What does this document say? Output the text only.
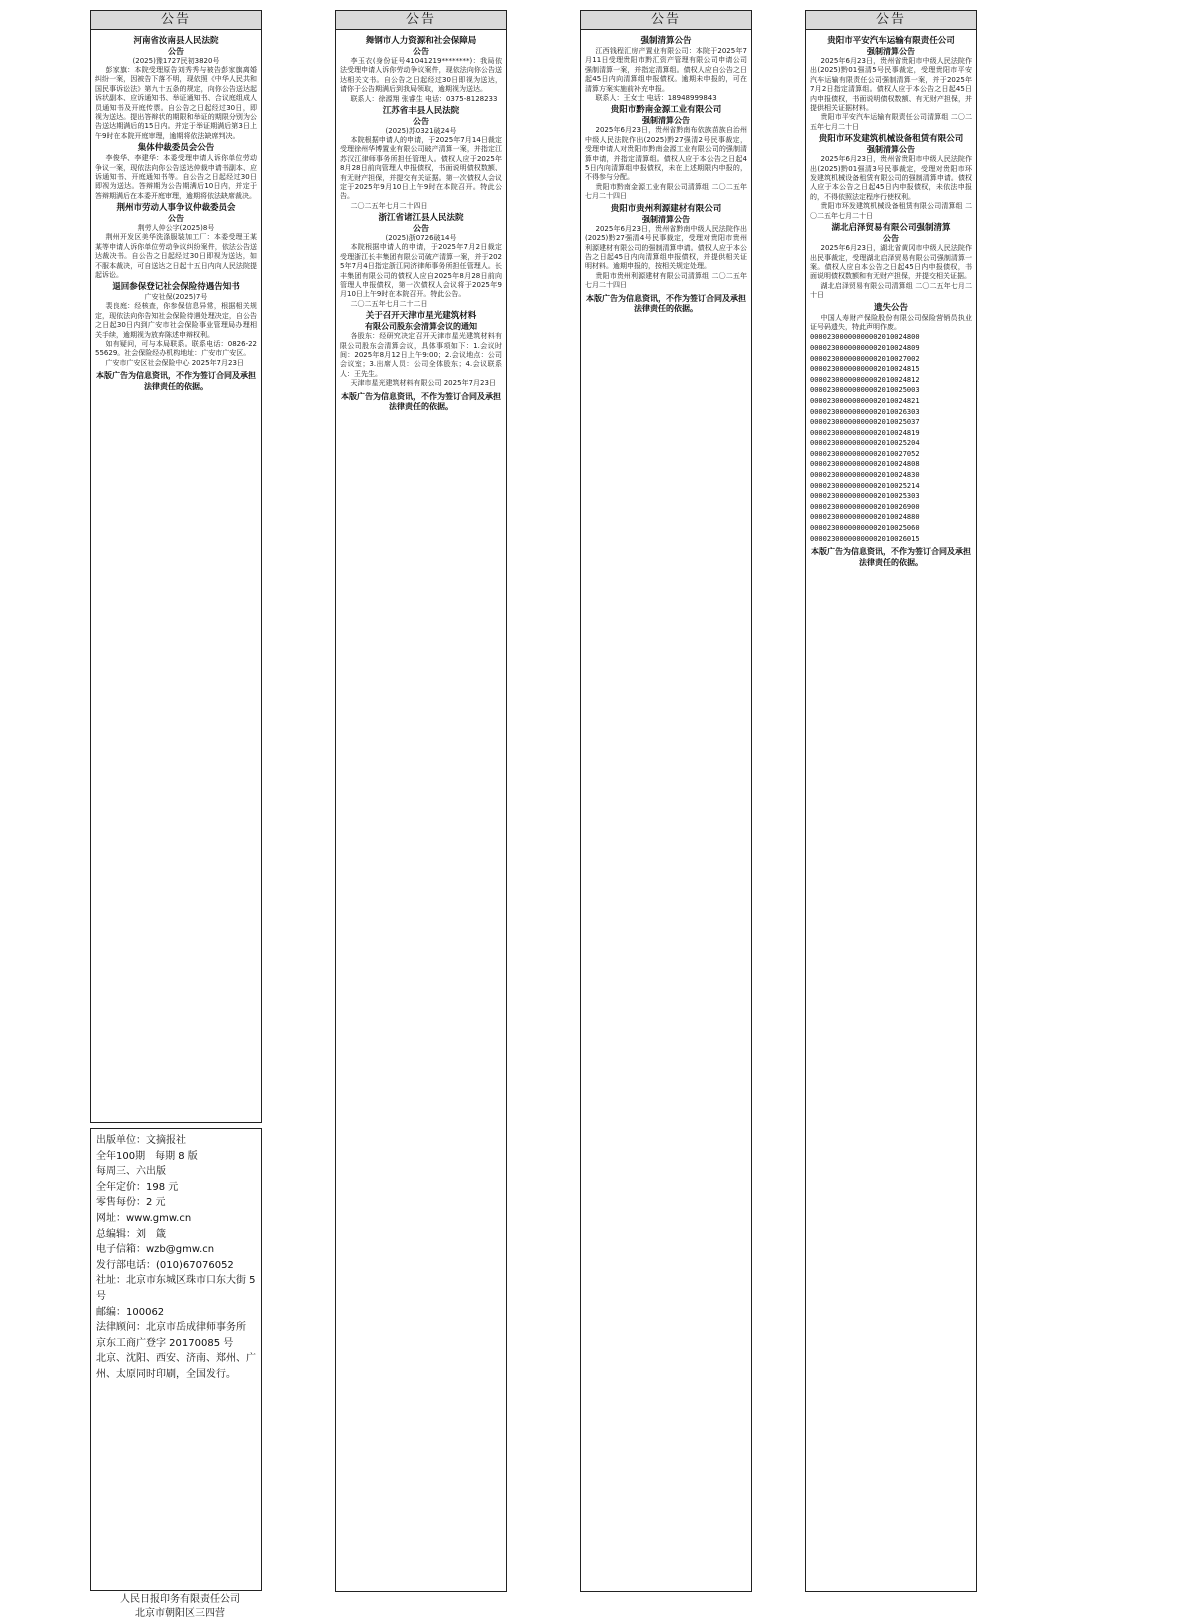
公告
河南省汝南县人民法院
公告
(2025)豫1727民初3820号

彭家旗：本院受理原告刘秀秀与被告彭家旗离婚纠纷一案，因被告下落不明，现依照《中华人民共和国民事诉讼法》第九十五条的规定，向你公告送达起诉状副本、应诉通知书、举证通知书、合议庭组成人员通知书及开庭传票。自公告之日起经过30日，即视为送达。提出答辩状的期限和举证的期限分别为公告送达期满后的15日内。并定于举证期满后第3日上午9时在本院开庭审理，逾期将依法缺席判决。

集体仲裁委员会公告

李俊华、李建华：本委受理申请人诉你单位劳动争议一案，现依法向你公告送达仲裁申请书副本、应诉通知书、开庭通知书等。自公告之日起经过30日即视为送达。答辩期为公告期满后10日内，并定于答辩期满后在本委开庭审理，逾期将依法缺席裁决。

荆州市劳动人事争议仲裁委员会
公告
荆劳人仲公字(2025)8号

荆州开发区美华洗涤服装加工厂：本委受理王某某等申请人诉你单位劳动争议纠纷案件，依法公告送达裁决书。自公告之日起经过30日即视为送达，如不服本裁决，可自送达之日起十五日内向人民法院提起诉讼。

退回参保登记社会保险待遇告知书
广安社保(2025)7号

裴良庭：经核查，你参保信息异常，根据相关规定，现依法向你告知社会保险待遇处理决定，自公告之日起30日内到广安市社会保险事业管理局办理相关手续，逾期视为放弃陈述申辩权利。

如有疑问，可与本局联系。联系电话：0826-2255629。社会保险经办机构地址：广安市广安区。

广安市广安区社会保险中心 2025年7月23日

本版广告为信息资讯，不作为签订合同及承担法律责任的依据。
公告
舞钢市人力资源和社会保障局
公告

李玉衣(身份证号41041219********)：我局依法受理申请人诉你劳动争议案件，现依法向你公告送达相关文书。自公告之日起经过30日即视为送达，请你于公告期满后到我局领取，逾期视为送达。

联系人：徐源翔 张睿生 电话：0375-8128233

江苏省丰县人民法院
公告
(2025)苏0321破24号

本院根据申请人的申请，于2025年7月14日裁定受理徐州华博置业有限公司破产清算一案，并指定江苏汉江律师事务所担任管理人。债权人应于2025年8月28日前向管理人申报债权，书面说明债权数额、有无财产担保，并提交有关证据。第一次债权人会议定于2025年9月10日上午9时在本院召开。特此公告。

二〇二五年七月二十四日

浙江省诸江县人民法院
公告
(2025)浙0726破14号

本院根据申请人的申请，于2025年7月2日裁定受理浙江长丰集团有限公司破产清算一案，并于2025年7月4日指定浙江同济律师事务所担任管理人。长丰集团有限公司的债权人应自2025年8月28日前向管理人申报债权，第一次债权人会议将于2025年9月10日上午9时在本院召开。特此公告。

二〇二五年七月二十二日

关于召开天津市星光建筑材料
有限公司股东会清算会议的通知

各股东：经研究决定召开天津市星光建筑材料有限公司股东会清算会议，具体事项如下：1.会议时间：2025年8月12日上午9:00；2.会议地点：公司会议室；3.出席人员：公司全体股东；4.会议联系人：王先生。

天津市星光建筑材料有限公司 2025年7月23日

本版广告为信息资讯，不作为签订合同及承担法律责任的依据。
公告
强制清算公告

江西钱程汇房产置业有限公司：本院于2025年7月11日受理贵阳市黔汇资产管理有限公司申请公司强制清算一案，并指定清算组。债权人应自公告之日起45日内向清算组申报债权。逾期未申报的，可在清算方案实施前补充申报。

联系人：王女士 电话：18948999843

贵阳市黔南金源工业有限公司
强制清算公告

2025年6月23日，贵州省黔南布依族苗族自治州中级人民法院作出(2025)黔27强清2号民事裁定，受理申请人对贵阳市黔南金源工业有限公司的强制清算申请，并指定清算组。债权人应于本公告之日起45日内向清算组申报债权，未在上述期限内申报的，不得参与分配。

贵阳市黔南金源工业有限公司清算组 二〇二五年七月二十四日

贵阳市贵州利源建材有限公司
强制清算公告

2025年6月23日，贵州省黔南中级人民法院作出(2025)黔27强清4号民事裁定，受理对贵阳市贵州利源建材有限公司的强制清算申请。债权人应于本公告之日起45日内向清算组申报债权，并提供相关证明材料。逾期申报的，按相关规定处理。

贵阳市贵州利源建材有限公司清算组 二〇二五年七月二十四日

本版广告为信息资讯，不作为签订合同及承担法律责任的依据。
公告
贵阳市平安汽车运输有限责任公司
强制清算公告

2025年6月23日，贵州省贵阳市中级人民法院作出(2025)黔01强清5号民事裁定，受理贵阳市平安汽车运输有限责任公司强制清算一案，并于2025年7月2日指定清算组。债权人应于本公告之日起45日内申报债权，书面说明债权数额、有无财产担保，并提供相关证据材料。

贵阳市平安汽车运输有限责任公司清算组 二〇二五年七月二十日

贵阳市环发建筑机械设备租赁有限公司
强制清算公告

2025年6月23日，贵州省贵阳市中级人民法院作出(2025)黔01强清3号民事裁定，受理对贵阳市环发建筑机械设备租赁有限公司的强制清算申请。债权人应于本公告之日起45日内申报债权，未依法申报的，不得依照法定程序行使权利。

贵阳市环发建筑机械设备租赁有限公司清算组 二〇二五年七月二十日

湖北启泽贸易有限公司强制清算
公告

2025年6月23日，湖北省黄冈市中级人民法院作出民事裁定，受理湖北启泽贸易有限公司强制清算一案。债权人应自本公告之日起45日内申报债权，书面说明债权数额和有无财产担保，并提交相关证据。

湖北启泽贸易有限公司清算组 二〇二五年七月二十日

遗失公告

中国人寿财产保险股份有限公司保险营销员执业证号码遗失，特此声明作废。

00002300000000002010024800
00002300000000002010024809
00002300000000002010027002
00002300000000002010024815
00002300000000002010024812
00002300000000002010025003
00002300000000002010024821
00002300000000002010026303
00002300000000002010025037
00002300000000002010024819
00002300000000002010025204
00002300000000002010027052
00002300000000002010024808
00002300000000002010024830
00002300000000002010025214
00002300000000002010025303
00002300000000002010026900
00002300000000002010024880
00002300000000002010025060
00002300000000002010026015
本版广告为信息资讯，不作为签订合同及承担法律责任的依据。
出版单位：文摘报社
全年100期　每期 8 版
每周三、六出版
全年定价：198 元
零售每份：2 元
网址：www.gmw.cn
总编辑：刘　箴
电子信箱：wzb@gmw.cn
发行部电话：(010)67076052
社址：北京市东城区珠市口东大街 5 号
邮编：100062
法律顾问：北京市岳成律师事务所
京东工商广登字 20170085 号
北京、沈阳、西安、济南、郑州、广州、太原同时印刷，全国发行。
人民日报印务有限责任公司
北京市朝阳区三四营
